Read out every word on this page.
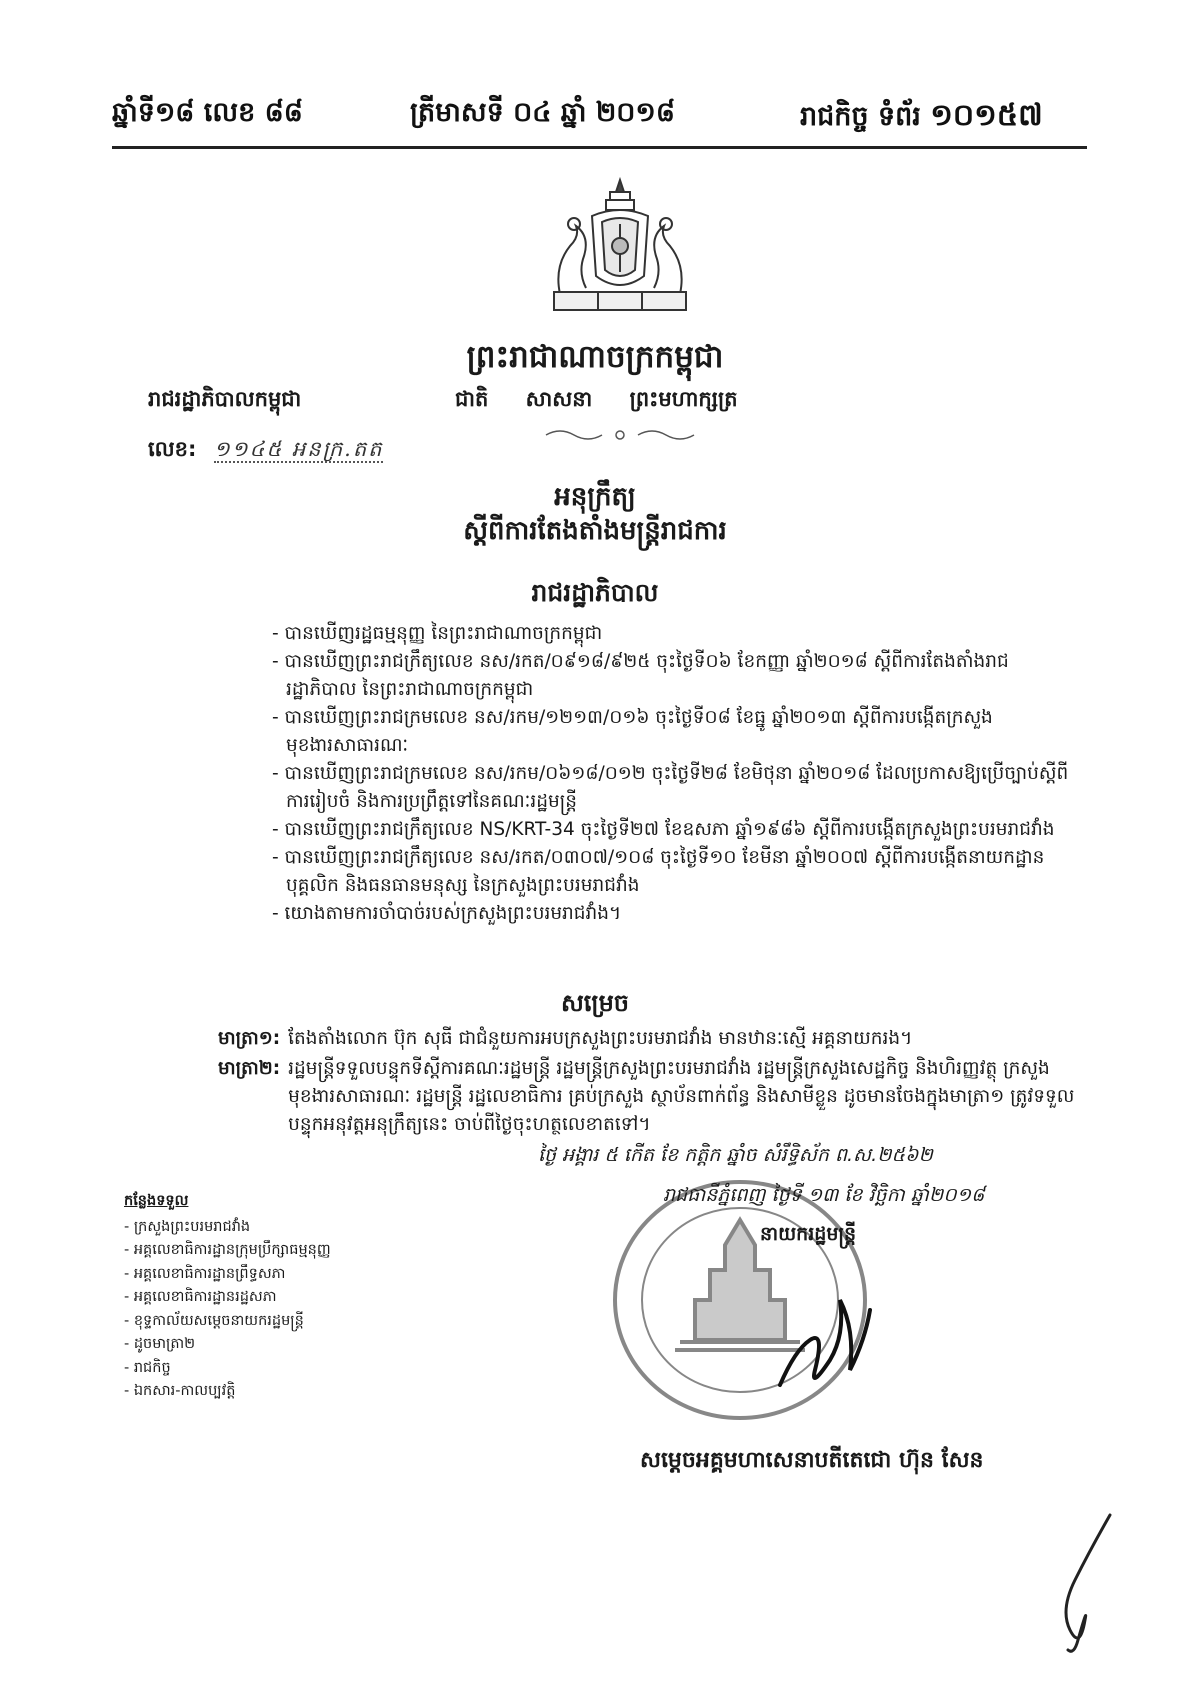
ឆ្នាំទី១៨ លេខ ៨៨	ត្រីមាសទី ០៤ ឆ្នាំ ២០១៨	រាជកិច្ច ទំព័រ ១០១៥៧
ព្រះរាជាណាចក្រកម្ពុជា
រាជរដ្ឋាភិបាលកម្ពុជា	ជាតិ សាសនា ព្រះមហាក្សត្រ
លេខ: ១១៤៥ អនក្រ.តត
អនុក្រឹត្យ
ស្តីពីការតែងតាំងមន្ត្រីរាជការ
រាជរដ្ឋាភិបាល

- បានឃើញរដ្ឋធម្មនុញ្ញ នៃព្រះរាជាណាចក្រកម្ពុជា

- បានឃើញព្រះរាជក្រឹត្យលេខ នស/រកត/០៩១៨/៩២៥ ចុះថ្ងៃទី០៦ ខែកញ្ញា ឆ្នាំ២០១៨ ស្តីពីការតែងតាំងរាជរដ្ឋាភិបាល នៃព្រះរាជាណាចក្រកម្ពុជា

- បានឃើញព្រះរាជក្រមលេខ នស/រកម/១២១៣/០១៦ ចុះថ្ងៃទី០៨ ខែធ្នូ ឆ្នាំ២០១៣ ស្តីពីការបង្កើតក្រសួងមុខងារសាធារណៈ

- បានឃើញព្រះរាជក្រមលេខ នស/រកម/០៦១៨/០១២ ចុះថ្ងៃទី២៨ ខែមិថុនា ឆ្នាំ២០១៨ ដែលប្រកាសឱ្យប្រើច្បាប់ស្តីពីការរៀបចំ និងការប្រព្រឹត្តទៅនៃគណៈរដ្ឋមន្ត្រី

- បានឃើញព្រះរាជក្រឹត្យលេខ NS/KRT-34 ចុះថ្ងៃទី២៧ ខែឧសភា ឆ្នាំ១៩៨៦ ស្តីពីការបង្កើតក្រសួងព្រះបរមរាជវាំង

- បានឃើញព្រះរាជក្រឹត្យលេខ នស/រកត/០៣០៧/១០៨ ចុះថ្ងៃទី១០ ខែមីនា ឆ្នាំ២០០៧ ស្តីពីការបង្កើតនាយកដ្ឋានបុគ្គលិក និងធនធានមនុស្ស នៃក្រសួងព្រះបរមរាជវាំង

- យោងតាមការចាំបាច់របស់ក្រសួងព្រះបរមរាជវាំង។

សម្រេច
មាត្រា១: តែងតាំងលោក ប៊ុក សុធី ជាជំនួយការអបក្រសួងព្រះបរមរាជវាំង មានឋានៈស្មើ អគ្គនាយករង។
មាត្រា២: រដ្ឋមន្ត្រីទទួលបន្ទុកទីស្តីការគណៈរដ្ឋមន្ត្រី រដ្ឋមន្ត្រីក្រសួងព្រះបរមរាជវាំង រដ្ឋមន្ត្រីក្រសួងសេដ្ឋកិច្ច និងហិរញ្ញវត្ថុ ក្រសួងមុខងារសាធារណៈ រដ្ឋមន្ត្រី រដ្ឋលេខាធិការ គ្រប់ក្រសួង ស្ថាប័នពាក់ព័ន្ធ និងសាមីខ្លួន ដូចមានចែងក្នុងមាត្រា១ ត្រូវទទួលបន្ទុកអនុវត្តអនុក្រឹត្យនេះ ចាប់ពីថ្ងៃចុះហត្ថលេខាតទៅ។
ថ្ងៃ អង្គារ ៥ កើត ខែ កត្តិក ឆ្នាំច សំរឹទ្ធិស័ក ព.ស.២៥៦២
រាជធានីភ្នំពេញ ថ្ងៃទី ១៣ ខែ វិច្ឆិកា ឆ្នាំ២០១៨
នាយករដ្ឋមន្ត្រី
កន្លែងទទួល
- ក្រសួងព្រះបរមរាជវាំង
- អគ្គលេខាធិការដ្ឋានក្រុមប្រឹក្សាធម្មនុញ្ញ
- អគ្គលេខាធិការដ្ឋានព្រឹទ្ធសភា
- អគ្គលេខាធិការដ្ឋានរដ្ឋសភា
- ខុទ្ទកាល័យសម្តេចនាយករដ្ឋមន្ត្រី
- ដូចមាត្រា២
- រាជកិច្ច
- ឯកសារ-កាលប្បវត្តិ
សម្តេចអគ្គមហាសេនាបតីតេជោ ហ៊ុន សែន
